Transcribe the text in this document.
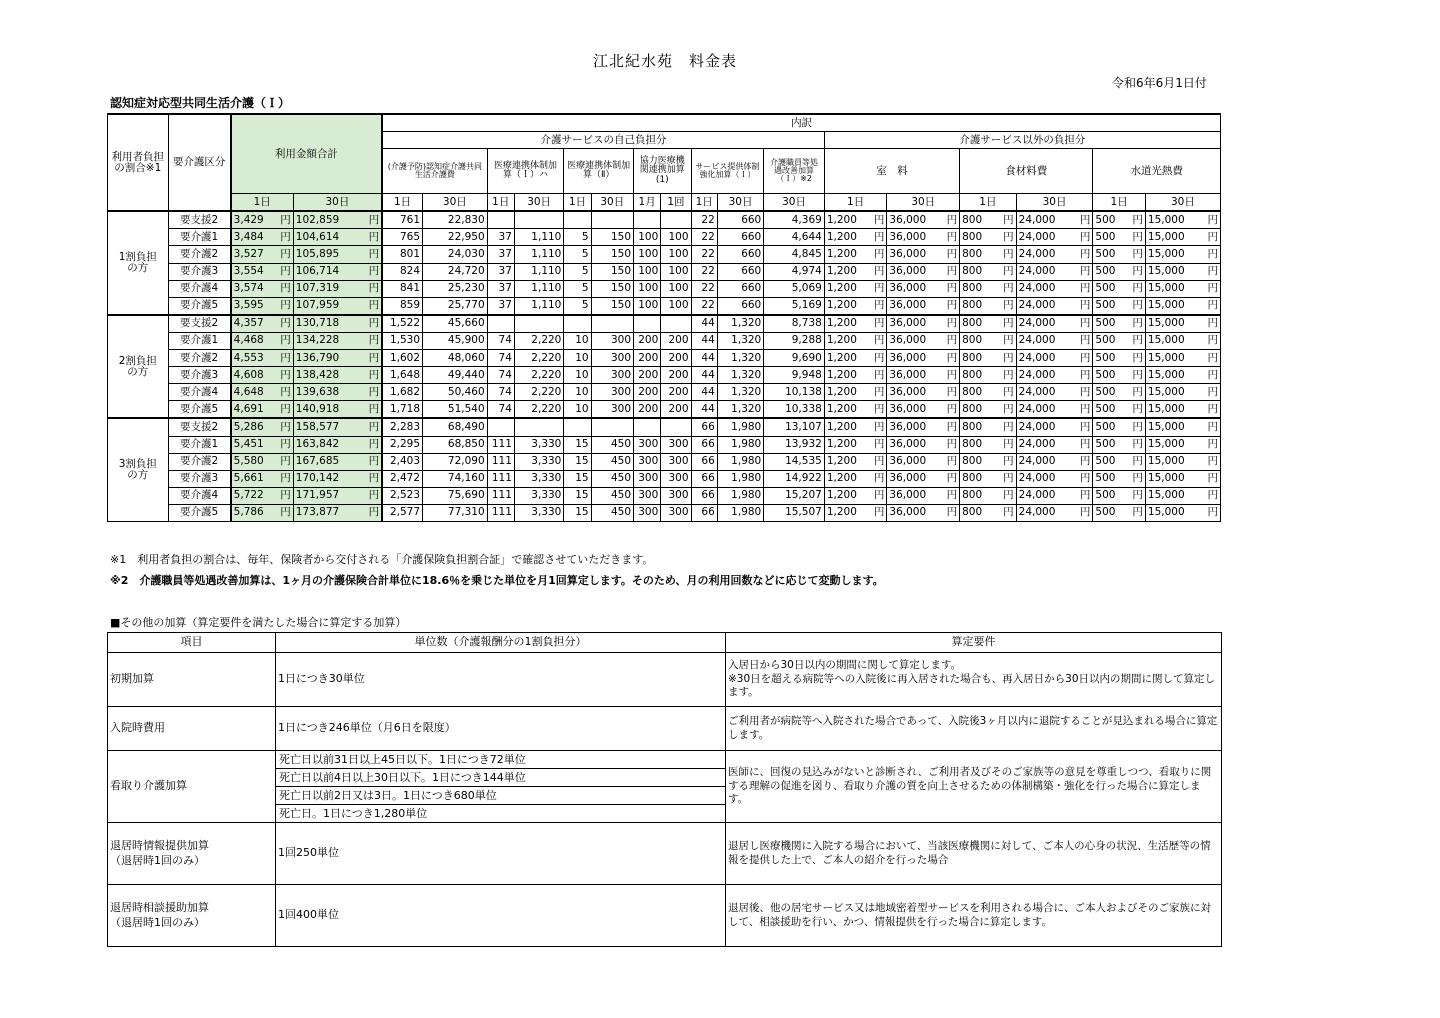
江北紀水苑　料金表
令和6年6月1日付
認知症対応型共同生活介護（Ｉ）
利用者負担の割合※1	要介護区分	利用金額合計		内訳																
				介護サービスの自己負担分											介護サービス以外の負担分					
				(介護予防)認知症介護共同生活介護費		医療連携体制加算（Ｉ）ハ		医療連携体制加算（Ⅱ）		協力医療機関連携加算(1)		サービス提供体制強化加算（Ｉ）		介護職員等処遇改善加算（Ｉ）※2	室　料		食材料費		水道光熱費	

		1日	30日	1日	30日	1日	30日	1日	30日	1月	1回	1日	30日	30日	1日	30日	1日	30日	1日	30日
1割負担の方	要支援2	3,429 円	102,859 円	761	22,830							22	660	4,369	1,200 円	36,000 円	800 円	24,000 円	500 円	15,000 円

	要介護1	3,484 円	104,614 円	765	22,950	37	1,110	5	150	100	100	22	660	4,644	1,200 円	36,000 円	800 円	24,000 円	500 円	15,000 円

	要介護2	3,527 円	105,895 円	801	24,030	37	1,110	5	150	100	100	22	660	4,845	1,200 円	36,000 円	800 円	24,000 円	500 円	15,000 円

	要介護3	3,554 円	106,714 円	824	24,720	37	1,110	5	150	100	100	22	660	4,974	1,200 円	36,000 円	800 円	24,000 円	500 円	15,000 円

	要介護4	3,574 円	107,319 円	841	25,230	37	1,110	5	150	100	100	22	660	5,069	1,200 円	36,000 円	800 円	24,000 円	500 円	15,000 円

	要介護5	3,595 円	107,959 円	859	25,770	37	1,110	5	150	100	100	22	660	5,169	1,200 円	36,000 円	800 円	24,000 円	500 円	15,000 円

2割負担の方	要支援2	4,357 円	130,718 円	1,522	45,660							44	1,320	8,738	1,200 円	36,000 円	800 円	24,000 円	500 円	15,000 円

	要介護1	4,468 円	134,228 円	1,530	45,900	74	2,220	10	300	200	200	44	1,320	9,288	1,200 円	36,000 円	800 円	24,000 円	500 円	15,000 円

	要介護2	4,553 円	136,790 円	1,602	48,060	74	2,220	10	300	200	200	44	1,320	9,690	1,200 円	36,000 円	800 円	24,000 円	500 円	15,000 円

	要介護3	4,608 円	138,428 円	1,648	49,440	74	2,220	10	300	200	200	44	1,320	9,948	1,200 円	36,000 円	800 円	24,000 円	500 円	15,000 円

	要介護4	4,648 円	139,638 円	1,682	50,460	74	2,220	10	300	200	200	44	1,320	10,138	1,200 円	36,000 円	800 円	24,000 円	500 円	15,000 円

	要介護5	4,691 円	140,918 円	1,718	51,540	74	2,220	10	300	200	200	44	1,320	10,338	1,200 円	36,000 円	800 円	24,000 円	500 円	15,000 円

3割負担の方	要支援2	5,286 円	158,577 円	2,283	68,490							66	1,980	13,107	1,200 円	36,000 円	800 円	24,000 円	500 円	15,000 円

	要介護1	5,451 円	163,842 円	2,295	68,850	111	3,330	15	450	300	300	66	1,980	13,932	1,200 円	36,000 円	800 円	24,000 円	500 円	15,000 円

	要介護2	5,580 円	167,685 円	2,403	72,090	111	3,330	15	450	300	300	66	1,980	14,535	1,200 円	36,000 円	800 円	24,000 円	500 円	15,000 円

	要介護3	5,661 円	170,142 円	2,472	74,160	111	3,330	15	450	300	300	66	1,980	14,922	1,200 円	36,000 円	800 円	24,000 円	500 円	15,000 円

	要介護4	5,722 円	171,957 円	2,523	75,690	111	3,330	15	450	300	300	66	1,980	15,207	1,200 円	36,000 円	800 円	24,000 円	500 円	15,000 円

	要介護5	5,786 円	173,877 円	2,577	77,310	111	3,330	15	450	300	300	66	1,980	15,507	1,200 円	36,000 円	800 円	24,000 円	500 円	15,000 円
※1　利用者負担の割合は、毎年、保険者から交付される「介護保険負担割合証」で確認させていただきます。
※2　介護職員等処遇改善加算は、1ヶ月の介護保険合計単位に18.6％を乗じた単位を月1回算定します。そのため、月の利用回数などに応じて変動します。
■その他の加算（算定要件を満たした場合に算定する加算）
項目	単位数（介護報酬分の1割負担分）	算定要件
初期加算	1日につき30単位	入居日から30日以内の期間に関して算定します。
※30日を超える病院等への入院後に再入居された場合も、再入居日から30日以内の期間に関して算定します。
入院時費用	1日につき246単位（月6日を限度）	ご利用者が病院等へ入院された場合であって、入院後3ヶ月以内に退院することが見込まれる場合に算定します。
看取り介護加算	死亡日以前31日以上45日以下。1日につき72単位
死亡日以前4日以上30日以下。1日につき144単位
死亡日以前2日又は3日。1日につき680単位
死亡日。1日につき1,280単位	医師に、回復の見込みがないと診断され、ご利用者及びそのご家族等の意見を尊重しつつ、看取りに関する理解の促進を図り、看取り介護の質を向上させるための体制構築・強化を行った場合に算定します。
退居時情報提供加算
（退居時1回のみ）	1回250単位	退居し医療機関に入院する場合において、当該医療機関に対して、ご本人の心身の状況、生活歴等の情報を提供した上で、ご本人の紹介を行った場合
退居時相談援助加算
（退居時1回のみ）	1回400単位	退居後、他の居宅サービス又は地域密着型サービスを利用される場合に、ご本人およびそのご家族に対して、相談援助を行い、かつ、情報提供を行った場合に算定します。
